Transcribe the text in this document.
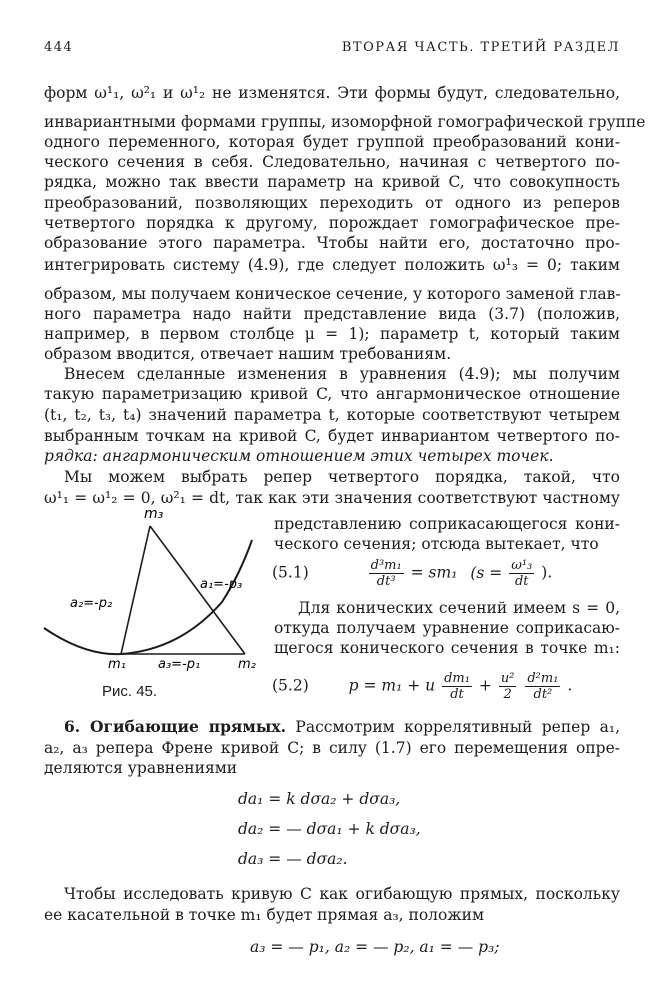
444	ВТОРАЯ ЧАСТЬ. ТРЕТИЙ РАЗДЕЛ
форм ω¹₁, ω²₁ и ω¹₂ не изменятся. Эти формы будут, следовательно,
инвариантными формами группы, изоморфной гомографической группе
одного переменного, которая будет группой преобразований кони-
ческого сечения в себя. Следовательно, начиная с четвертого по-
рядка, можно так ввести параметр на кривой C, что совокупность
преобразований, позволяющих переходить от одного из реперов
четвертого порядка к другому, порождает гомографическое пре-
образование этого параметра. Чтобы найти его, достаточно про-
интегрировать систему (4.9), где следует положить ω¹₃ = 0; таким
образом, мы получаем коническое сечение, у которого заменой глав-
ного параметра надо найти представление вида (3.7) (положив,
например, в первом столбце μ = 1); параметр t, который таким
образом вводится, отвечает нашим требованиям.
Внесем сделанные изменения в уравнения (4.9); мы получим
такую параметризацию кривой C, что ангармоническое отношение
(t₁, t₂, t₃, t₄) значений параметра t, которые соответствуют четырем
выбранным точкам на кривой C, будет инвариантом четвертого по-
рядка: ангармоническим отношением этих четырех точек.
Мы можем выбрать репер четвертого порядка, такой, что
ω¹₁ = ω¹₂ = 0, ω²₁ = dt, так как эти значения соответствуют частному
представлению соприкасающегося кони-
ческого сечения; отсюда вытекает, что
(5.1)	$\frac{\text{d³m₁}}{\text{dt³}} = sm_1$ ($s = \frac{\text{ω¹₃}}{dt}$ ).
Для конических сечений имеем s = 0,
откуда получаем уравнение соприкасаю-
щегося конического сечения в точке m₁:
(5.2)	p = m₁ + u $\frac{\text{dm₁}}{dt} + \frac{\text{u²}}{2}$
$\frac{\text{d²m₁}}{\text{dt²}}$ .
m₃
a₁=-p₃
a₂=-p₂
m₁ a₃=-p₁	m₂
Рис. 45.
6. Огибающие прямых. Рассмотрим коррелятивный репер a₁,
a₂, a₃ репера Френе кривой C; в силу (1.7) его перемещения опре-
деляются уравнениями
da₁ = k dσa₂ + dσa₃,
da₂ = — dσa₁ + k dσa₃,
da₃ = — dσa₂.
Чтобы исследовать кривую C как огибающую прямых, поскольку
ее касательной в точке m₁ будет прямая a₃, положим
a₃ = — p₁, a₂ = — p₂, a₁ = — p₃;
